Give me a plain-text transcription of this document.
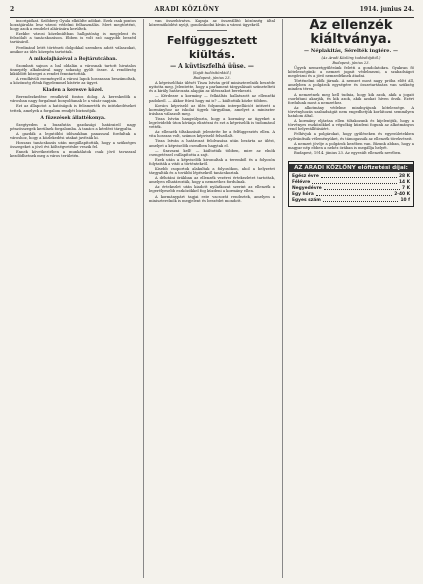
2	ARADI KÖZLÖNY	1914. junius 24.

inscripiókat. Szöbbery Gyula elküldte adókat. Ezek csak pontos hozzájárulás lesz városi védelmi felhasználás. Mert megtörtént, hogy azok a rendelet aláírására kerültek.

Ezekbe városi közelmúltban hallgatóság is megjelent és felszólalt a tanácskozáson. Ebben is volt szó nagyobb beszéd tartásáról.

Ferdinánd letét történeti dolgokkal szemben adott válaszokat, amikor az ülés közepén tartottak.

A mikolajházéval a Bojtárutcában.

Szombati sajnos a bal oldalán a városnak tartott hivatalos ünnepély alkalmával nagy sokaság gyűlt össze. A rendőrség kiküldött közegei a rendet fenntartották.

A rendkívüli eseményről a városi lapok hosszasan beszámoltak, a közönség élénk figyelemmel kísérte az ügyet.

Kladen a keresve közel.

Berendezkedése rendkívül fontos dolog. A kereskedők a városban nagy forgalmat bonyolítanak le a vásár napjain.

Ezt az állapotot a hatóságok is felismerték és intézkedéseket tettek, amelyek a forgalom rendjét biztosítják.

A füzezések állattékonya.

Szegtyeden a buzafutás gazdasági határairól nagy pénzösszegek kerülnek forgalomba. A tanács a kérdést tárgyalta.

A gazdák a legutóbbi időszakban panasszal fordultak a városhoz, hogy a közlekedési utakat javítsák ki.

Hosszas tanácskozás után megállapították, hogy a szükséges összegeket a jövő évi költségvetésbe veszik fel.

Ennek következtében a munkálatok csak jövő tavasszal kezdődhetnek meg a város területén.

van összehívatva. Kapuja az összeállító közönség által közreműködést nyújt, gondoskodni kíván a városi ügyekről.

Felfüggesztett kiültás.
— A küvtiszfelhá üüse. —
(Saját tudósítónktól.)
Budapest, június 23.

A képviselőház ülését Tisza István gróf miniszterelnök beszéde nyitotta meg. Jelentette, hogy a parlament tárgyalásait szünetelteti és a király határozata alapján az ülésszakot berekeszti.

— Kérdezze a kormány — felkiáltás hallatszott az ellenzéki padokról. — Akkor fiúvá hogy mi is? — kiáltották közbe többen.

Kovács képviselő az ülés folyamán interpellációt intézett a kormányhoz az iskolai ügyek tárgyában, amelyet a miniszter írásban válaszolt meg.

Tisza István hangsúlyozta, hogy a kormány az ügyeket a legrövidebb úton kívánja elintézni és ezt a képviselők is tudomásul vették.

Az ellenzék tiltakozását jelentette be a felfüggesztés ellen. A vita hosszas volt, számos képviselő felszólalt.

Tisza István a határozat felolvasása után bezárta az ülést, amelyet a képviselők csendben hagytak el.

— Szavazni kell! — kiáltották többen, mire az elnök csengetéssel csillapította a zajt.

Ezek után a képviselők kivonultak a teremből és a folyosón folytatták a vitát a történtekről.

Kisebb csoportok alakultak a folyosókon, ahol a helyzetet tárgyalták és a további lépésekről tanácskoztak.

A délutáni órákban az ellenzék vezérei értekezletet tartottak, amelyen elhatározták, hogy a nemzethez fordulnak.

Az értekezlet után kiadott nyilatkozat szerint az ellenzék a legerélyesebb eszközökkel fog küzdeni a kormány ellen.

A kormánypárt tagjai este vacsorát rendeztek, amelyen a miniszterelnök is megjelent és beszédet mondott.

Az ellenzék kiáltványa.
— Néplakitás, Sérelték ingiére. —
(Az Aradi Közlöny tudósítójától.)
Budapest, június 23.

Ügyek nemzetgyűlésünk feletti a gondolatokra. Gyakran fő kötelességünk: a nemzet jogait védelmezni, a szabadságot megőrizni és a jövő nemzedéknek átadni.

Történelmi idők járnak. A nemzet most nagy próba előtt áll, amelyben a polgárok egységére és összetartására van szükség minden téren.

A nemzetnek meg kell tudnia, hogy kik azok, akik a jogait csorbítani akarják, és kik azok, akik azokat híven őrzik. Ezért fordulunk most a nemzethez.

Az alkotmány védelme mindnyájunk kötelessége. A törvényhozás szabadságát nem engedhetjük korlátozni semmilyen hatalom által.

A kormány eljárása ellen tiltakozunk és kijelentjük, hogy a törvényes eszközökkel a végsőkig küzdeni fogunk az alkotmányos rend helyreállításáért.

Felhívjuk a polgárokat, hogy gyűléseken és egyesületekben nyilvánítsák véleményüket, és támogassák az ellenzék törekvéseit.

A nemzet jövője a polgárok kezében van. Bízunk abban, hogy a magyar nép ebben a nehéz órában is megállja helyét.

Budapest, 1914. június 23. Az egyesült ellenzék nevében.

AZ ARADI KÖZLÖNY előfizetési díjai:
Egész évre	28 K
Félévre	14 K
Negyedévre	7 K
Egy hóra	2·40 K
Egyes szám	10 f
